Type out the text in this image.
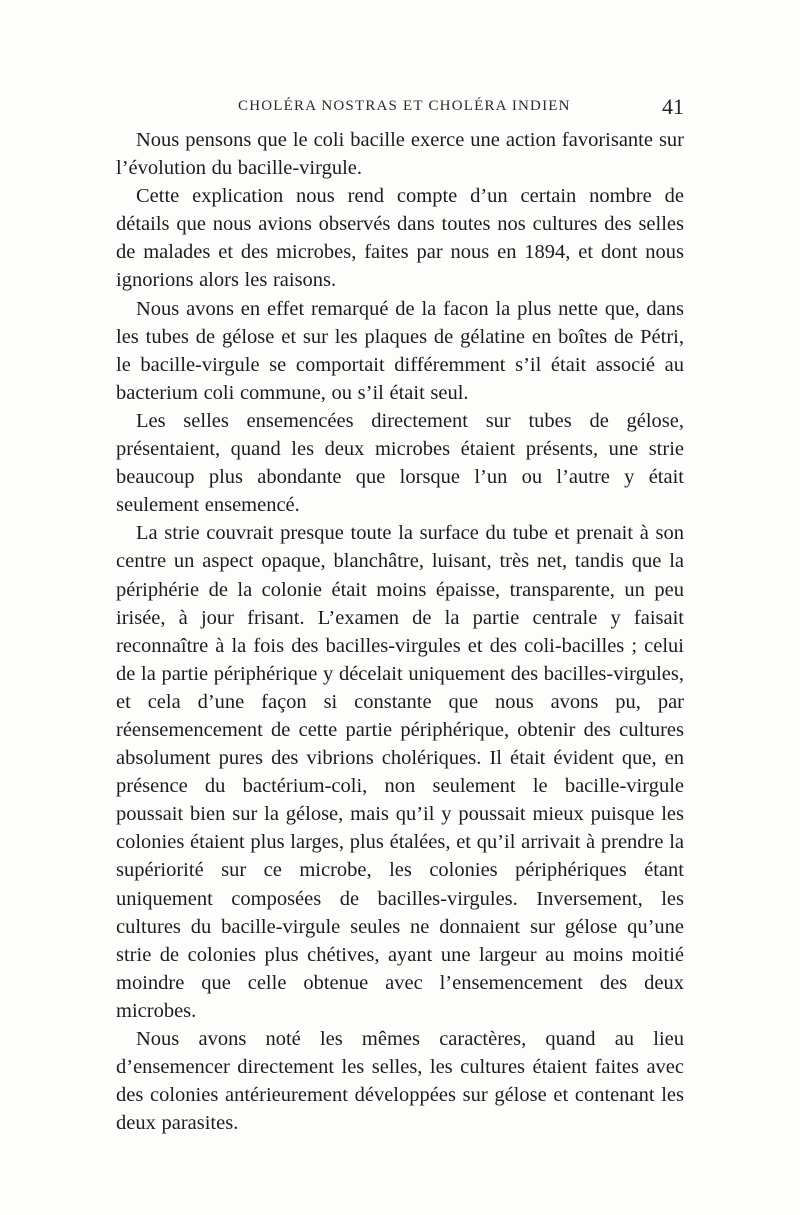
CHOLÉRA NOSTRAS ET CHOLÉRA INDIEN	41

Nous pensons que le coli bacille exerce une action favorisante sur l’évolution du bacille-virgule.

Cette explication nous rend compte d’un certain nombre de détails que nous avions observés dans toutes nos cultures des selles de malades et des microbes, faites par nous en 1894, et dont nous ignorions alors les raisons.

Nous avons en effet remarqué de la facon la plus nette que, dans les tubes de gélose et sur les plaques de gélatine en boîtes de Pétri, le bacille-virgule se comportait différemment s’il était associé au bacterium coli commune, ou s’il était seul.

Les selles ensemencées directement sur tubes de gélose, présentaient, quand les deux microbes étaient présents, une strie beaucoup plus abondante que lorsque l’un ou l’autre y était seulement ensemencé.

La strie couvrait presque toute la surface du tube et prenait à son centre un aspect opaque, blanchâtre, luisant, très net, tandis que la périphérie de la colonie était moins épaisse, transparente, un peu irisée, à jour frisant. L’examen de la partie centrale y faisait reconnaître à la fois des bacilles-virgules et des coli-bacilles ; celui de la partie périphérique y décelait uniquement des bacilles-virgules, et cela d’une façon si constante que nous avons pu, par réensemencement de cette partie périphérique, obtenir des cultures absolument pures des vibrions cholériques. Il était évident que, en présence du bactérium-coli, non seulement le bacille-virgule poussait bien sur la gélose, mais qu’il y poussait mieux puisque les colonies étaient plus larges, plus étalées, et qu’il arrivait à prendre la supériorité sur ce microbe, les colonies périphériques étant uniquement composées de bacilles-virgules. Inversement, les cultures du bacille-virgule seules ne donnaient sur gélose qu’une strie de colonies plus chétives, ayant une largeur au moins moitié moindre que celle obtenue avec l’ensemencement des deux microbes.

Nous avons noté les mêmes caractères, quand au lieu d’ensemencer directement les selles, les cultures étaient faites avec des colonies antérieurement développées sur gélose et contenant les deux parasites.
